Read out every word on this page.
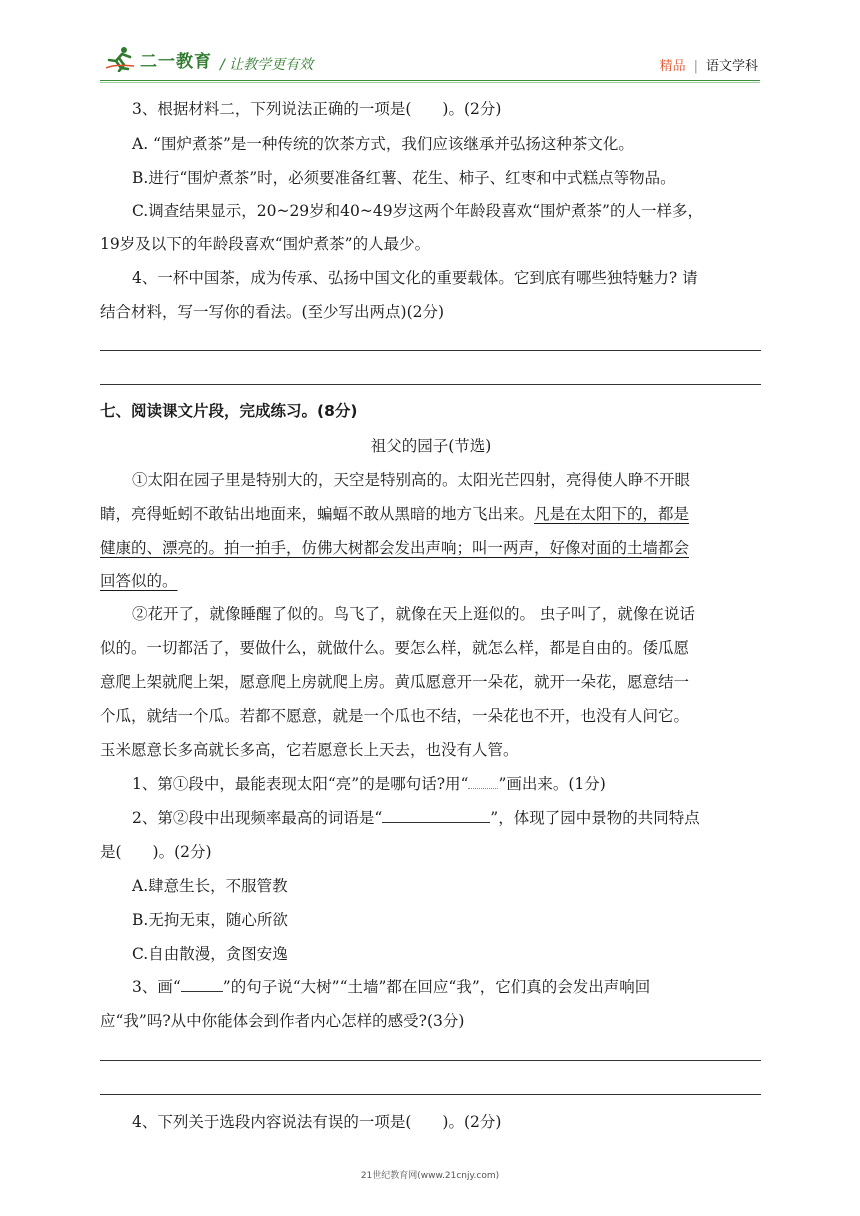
二一教育 / 让教学更有效	精品 | 语文学科
3、根据材料二，下列说法正确的一项是(　　)。(2分)
A. “围炉煮茶”是一种传统的饮茶方式，我们应该继承并弘扬这种茶文化。
B.进行“围炉煮茶”时，必须要准备红薯、花生、柿子、红枣和中式糕点等物品。
C.调查结果显示，20~29岁和40~49岁这两个年龄段喜欢“围炉煮茶”的人一样多，
19岁及以下的年龄段喜欢“围炉煮茶”的人最少。
4、一杯中国茶，成为传承、弘扬中国文化的重要载体。它到底有哪些独特魅力? 请
结合材料，写一写你的看法。(至少写出两点)(2分)
七、阅读课文片段，完成练习。(8分)
祖父的园子(节选)
①太阳在园子里是特别大的，天空是特别高的。太阳光芒四射，亮得使人睁不开眼
睛，亮得蚯蚓不敢钻出地面来，蝙蝠不敢从黑暗的地方飞出来。凡是在太阳下的，都是
健康的、漂亮的。拍一拍手，仿佛大树都会发出声响；叫一两声，好像对面的土墙都会
回答似的。
②花开了，就像睡醒了似的。鸟飞了，就像在天上逛似的。 虫子叫了，就像在说话
似的。一切都活了，要做什么，就做什么。要怎么样，就怎么样，都是自由的。倭瓜愿
意爬上架就爬上架，愿意爬上房就爬上房。黄瓜愿意开一朵花，就开一朵花，愿意结一
个瓜，就结一个瓜。若都不愿意，就是一个瓜也不结，一朵花也不开，也没有人问它。
玉米愿意长多高就长多高，它若愿意长上天去，也没有人管。
1、第①段中，最能表现太阳“亮”的是哪句话?用“ ”画出来。(1分)
2、第②段中出现频率最高的词语是“	”，体现了园中景物的共同特点
是(　　)。(2分)
A.肆意生长，不服管教
B.无拘无束，随心所欲
C.自由散漫，贪图安逸
3、画“	”的句子说“大树”“土墙”都在回应“我”，它们真的会发出声响回
应“我”吗?从中你能体会到作者内心怎样的感受?(3分)
4、下列关于选段内容说法有误的一项是(　　)。(2分)
21世纪教育网(www.21cnjy.com)
